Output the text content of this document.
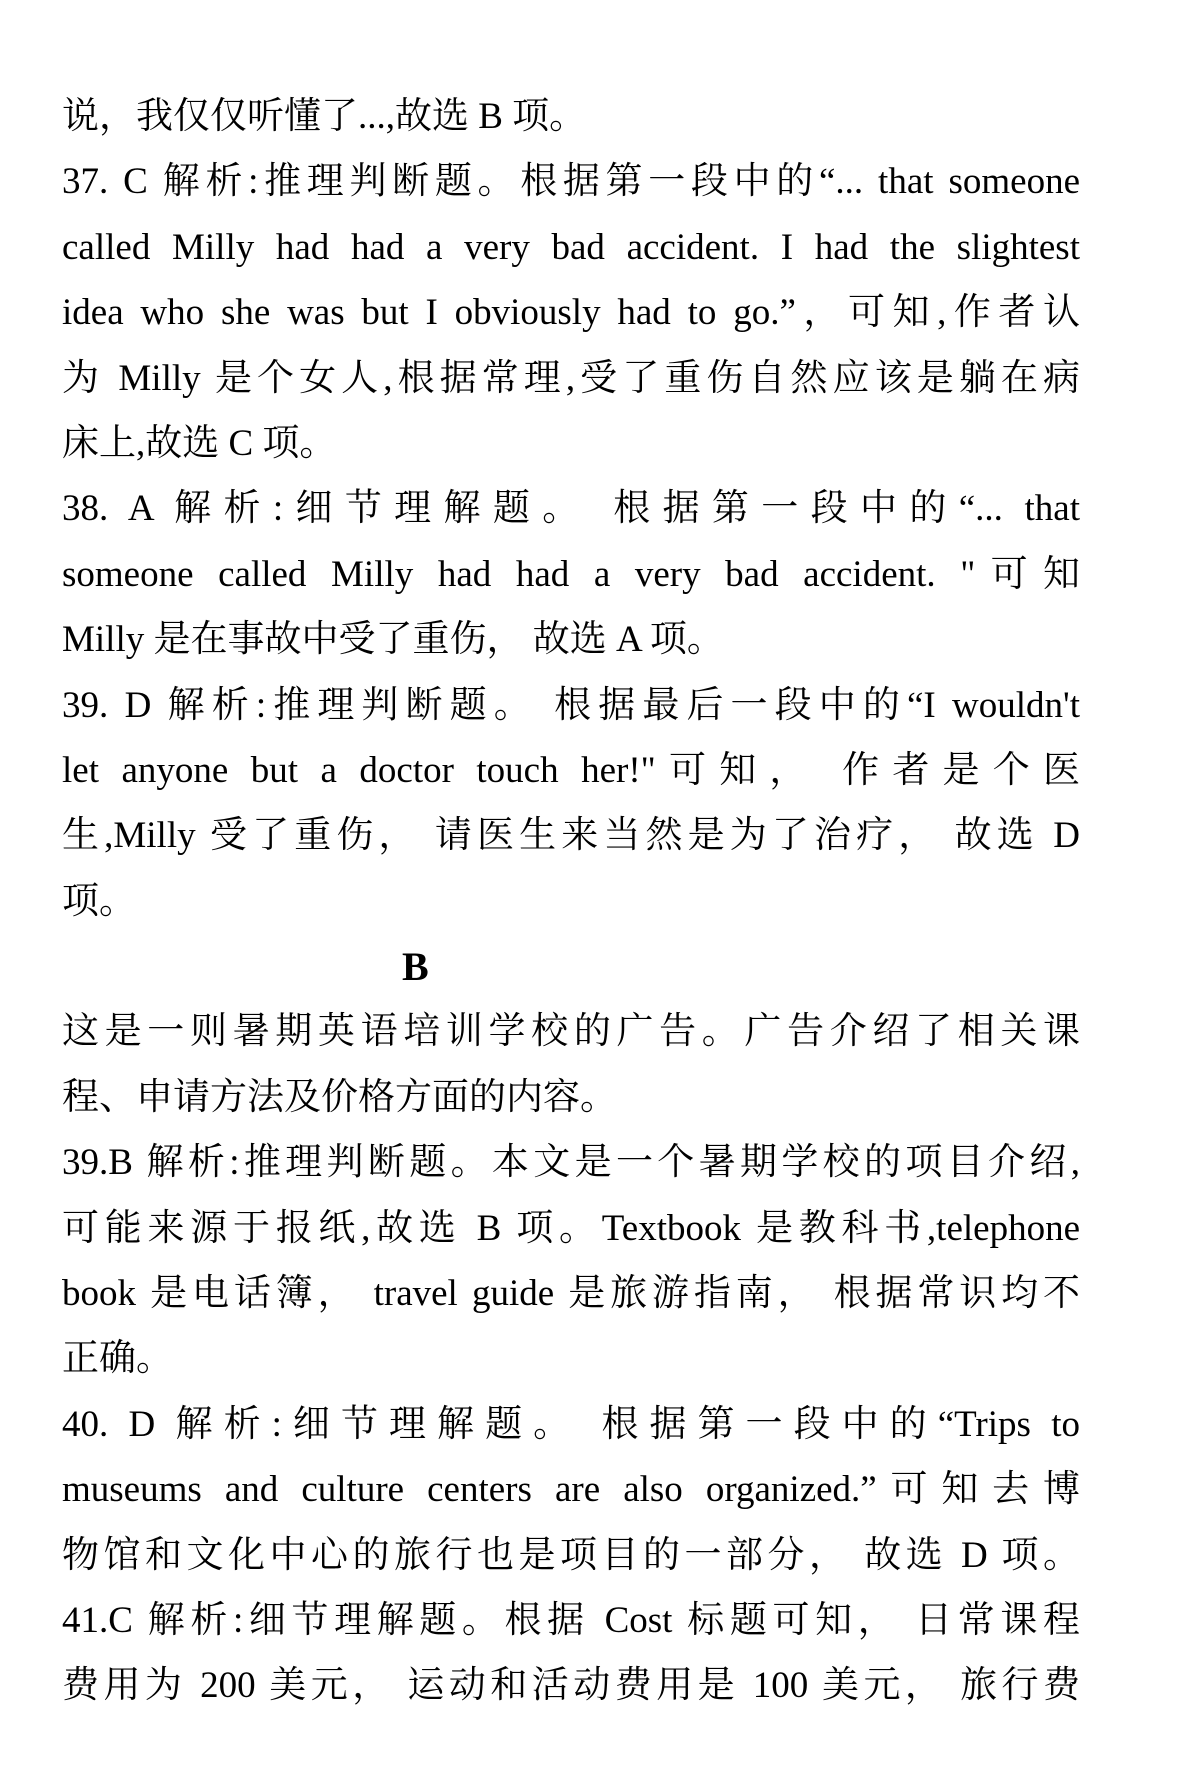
说，我仅仅听懂了...,故选 B 项。
37. C 解析:推理判断题。根据第一段中的“... that someone
called Milly had had a very bad accident. I had the slightest
idea who she was but I obviously had to go.”，可知,作者认
为 Milly 是个女人,根据常理,受了重伤自然应该是躺在病
床上,故选 C 项。
38. A 解析:细节理解题。 根据第一段中的“... that
someone called Milly had had a very bad accident. "可知
Milly 是在事故中受了重伤， 故选 A 项。
39. D 解析:推理判断题。 根据最后一段中的“I wouldn't
let anyone but a doctor touch her!"可知， 作者是个医
生,Milly 受了重伤， 请医生来当然是为了治疗， 故选 D
项。
B
这是一则暑期英语培训学校的广告。广告介绍了相关课
程、申请方法及价格方面的内容。
39.B 解析:推理判断题。本文是一个暑期学校的项目介绍,
可能来源于报纸,故选 B 项。Textbook 是教科书,telephone
book 是电话簿， travel guide 是旅游指南， 根据常识均不
正确。
40. D 解析:细节理解题。 根据第一段中的“Trips to
museums and culture centers are also organized.”可知去博
物馆和文化中心的旅行也是项目的一部分， 故选 D 项。
41.C 解析:细节理解题。根据 Cost 标题可知， 日常课程
费用为 200 美元， 运动和活动费用是 100 美元， 旅行费
